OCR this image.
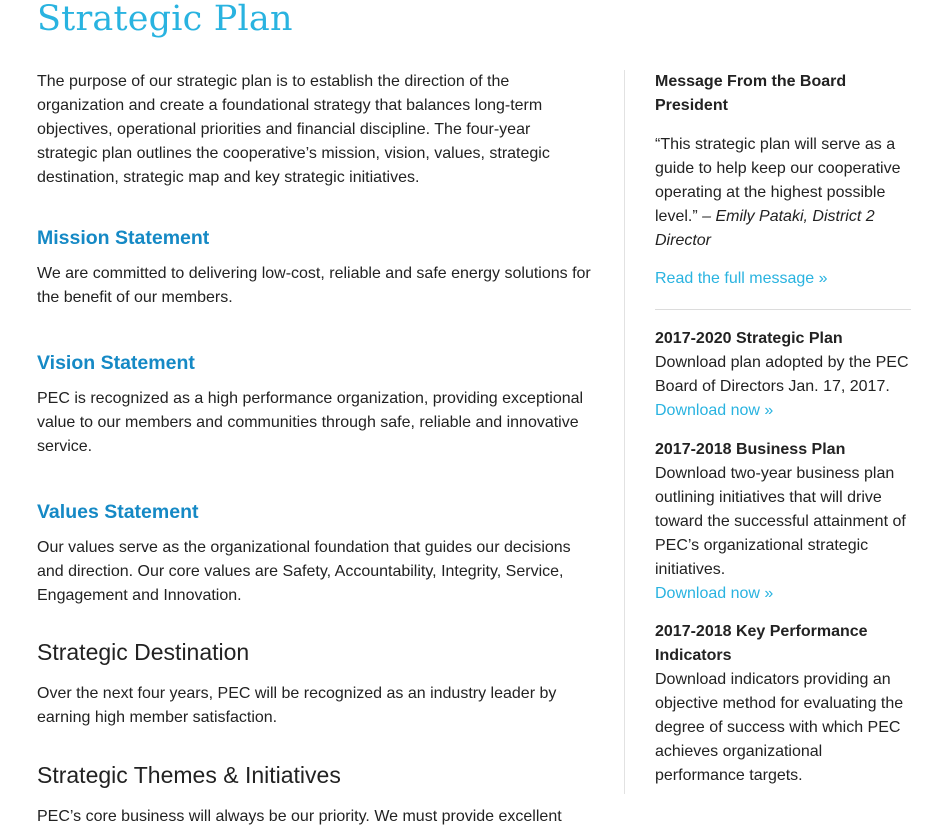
Strategic Plan

The purpose of our strategic plan is to establish the direction of the organization and create a foundational strategy that balances long-term objectives, operational priorities and financial discipline. The four-year strategic plan outlines the cooperative’s mission, vision, values, strategic destination, strategic map and key strategic initiatives.

Mission Statement

We are committed to delivering low-cost, reliable and safe energy solutions for the benefit of our members.

Vision Statement

PEC is recognized as a high performance organization, providing exceptional value to our members and communities through safe, reliable and innovative service.

Values Statement

Our values serve as the organizational foundation that guides our decisions and direction. Our core values are Safety, Accountability, Integrity, Service, Engagement and Innovation.

Strategic Destination

Over the next four years, PEC will be recognized as an industry leader by earning high member satisfaction.

Strategic Themes & Initiatives

PEC’s core business will always be our priority. We must provide excellent

Message From the Board President

“This strategic plan will serve as a guide to help keep our cooperative operating at the highest possible level.” – Emily Pataki, District 2 Director

Read the full message »
2017-2020 Strategic Plan

Download plan adopted by the PEC Board of Directors Jan. 17, 2017.

Download now »
2017-2018 Business Plan

Download two-year business plan outlining initiatives that will drive toward the successful attainment of PEC’s organizational strategic initiatives.

Download now »
2017-2018 Key Performance Indicators

Download indicators providing an objective method for evaluating the degree of success with which PEC achieves organizational performance targets.
